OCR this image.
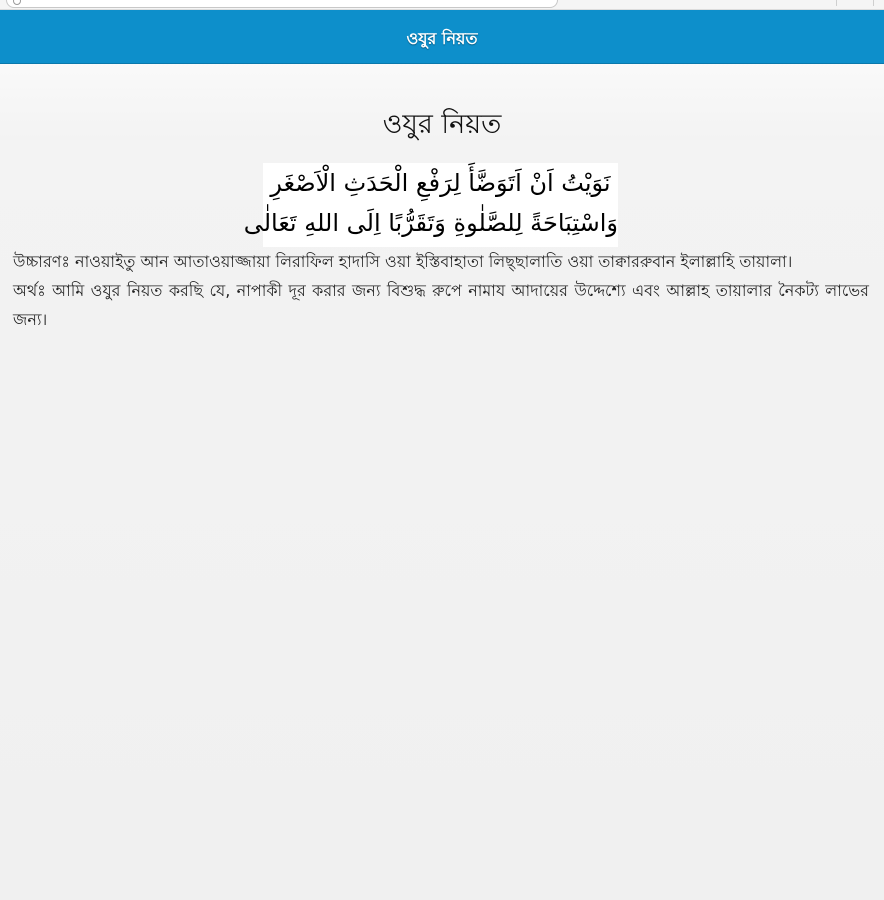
ওযুর নিয়ত
ওযুর নিয়ত
نَوَيْتُ اَنْ اَتَوَضَّأَ لِرَفْعِ الْحَدَثِ الْاَصْغَرِ
وَاسْتِبَاحَةً لِلصَّلٰوةِ وَتَقَرُّبًا اِلَى اللهِ تَعَالٰى

উচ্চারণঃ নাওয়াইতু আন আতাওয়াজ্জায়া লিরাফিল হাদাসি ওয়া ইস্তিবাহাতা লিছ্ছালাতি ওয়া তাক্বাররুবান ইলাল্লাহি তায়ালা।

অর্থঃ আমি ওযুর নিয়ত করছি যে, নাপাকী দূর করার জন্য বিশুদ্ধ রুপে নামায আদায়ের উদ্দেশ্যে এবং আল্লাহ তায়ালার নৈকট্য লাভের জন্য।
